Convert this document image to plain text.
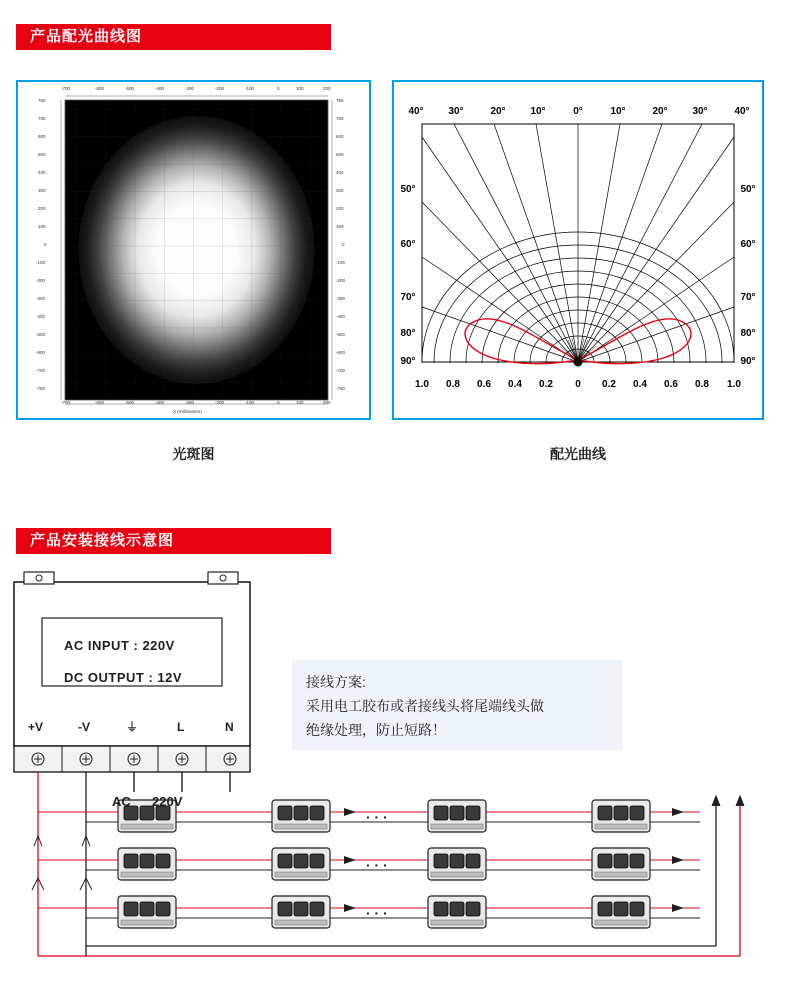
产品配光曲线图
-700	-600	-500	-400	-300	-200	-100	0	100	200
-700	-600	-500	-400	-300	-200	-100	0	100	200
X (millimeters)
750
700
600
500
400
300
200
100
0
-100
-200
-300
-400
-500
-600
-700
-750
750
700
600
500
400
300
200
100
0
-100
-200
-300
-400
-500
-600
-700
-750
光斑图
40° 30°	20° 10°	0°	10°	20° 30°	40°
50°
60°
70°
80°
90°
50°
60°
70°
80°
90°
1.0 0.8 0.6 0.4 0.2 0 0.2 0.4 0.6 0.8 1.0
配光曲线
产品安装接线示意图
· · ·
· · ·
· · ·
AC INPUT : 220V
DC OUTPUT : 12V
+V	-V	⏚	L	N
AC 220V
接线方案:
采用电工胶布或者接线头将尾端线头做
绝缘处理，防止短路！
